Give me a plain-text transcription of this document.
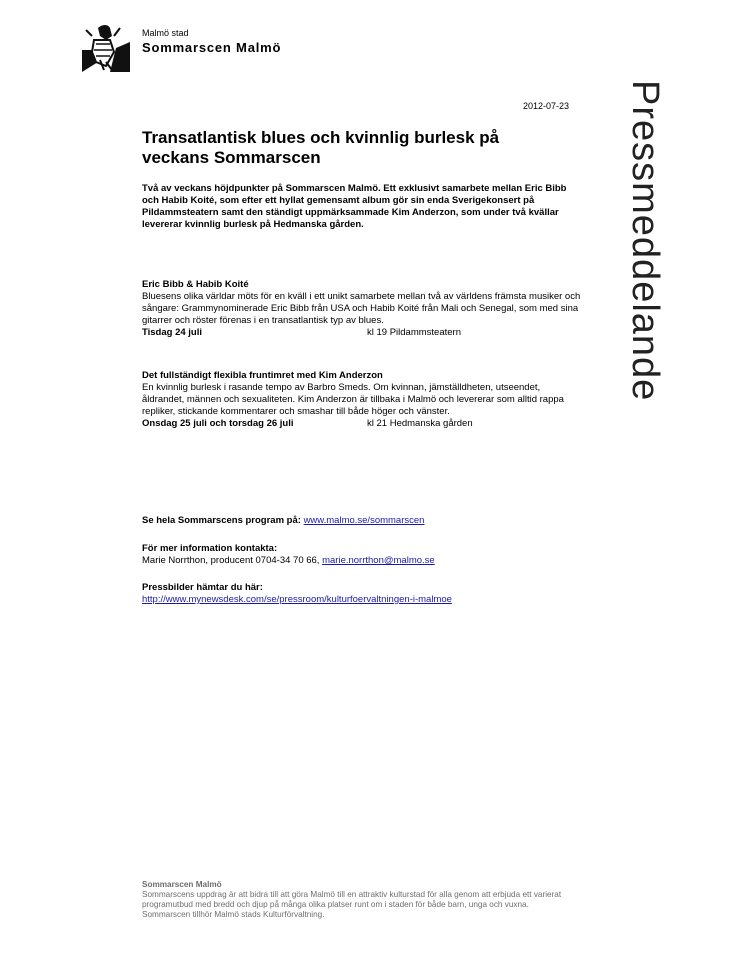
Malmö stad
Sommarscen Malmö
Pressmeddelande
2012-07-23
Transatlantisk blues och kvinnlig burlesk på veckans Sommarscen
Två av veckans höjdpunkter på Sommarscen Malmö. Ett exklusivt samarbete mellan Eric Bibb och Habib Koité, som efter ett hyllat gemensamt album gör sin enda Sverigekonsert på Pildammsteatern samt den ständigt uppmärksammade Kim Anderzon, som under två kvällar levererar kvinnlig burlesk på Hedmanska gården.
Eric Bibb & Habib Koité
Bluesens olika världar möts för en kväll i ett unikt samarbete mellan två av världens främsta musiker och sångare: Grammynominerade Eric Bibb från USA och Habib Koité från Mali och Senegal, som med sina gitarrer och röster förenas i en transatlantisk typ av blues.
Tisdag 24 juli	kl 19 Pildammsteatern
Det fullständigt flexibla fruntimret med Kim Anderzon
En kvinnlig burlesk i rasande tempo av Barbro Smeds. Om kvinnan, jämställdheten, utseendet, åldrandet, männen och sexualiteten. Kim Anderzon är tillbaka i Malmö och levererar som alltid rappa repliker, stickande kommentarer och smashar till både höger och vänster.
Onsdag 25 juli och torsdag 26 juli	kl 21 Hedmanska gården
Se hela Sommarscens program på: www.malmo.se/sommarscen
För mer information kontakta:
Marie Norrthon, producent 0704-34 70 66, marie.norrthon@malmo.se
Pressbilder hämtar du här:
http://www.mynewsdesk.com/se/pressroom/kulturfoervaltningen-i-malmoe
Sommarscen Malmö
Sommarscens uppdrag är att bidra till att göra Malmö till en attraktiv kulturstad för alla genom att erbjuda ett varierat programutbud med bredd och djup på många olika platser runt om i staden för både barn, unga och vuxna. Sommarscen tillhör Malmö stads Kulturförvaltning.
